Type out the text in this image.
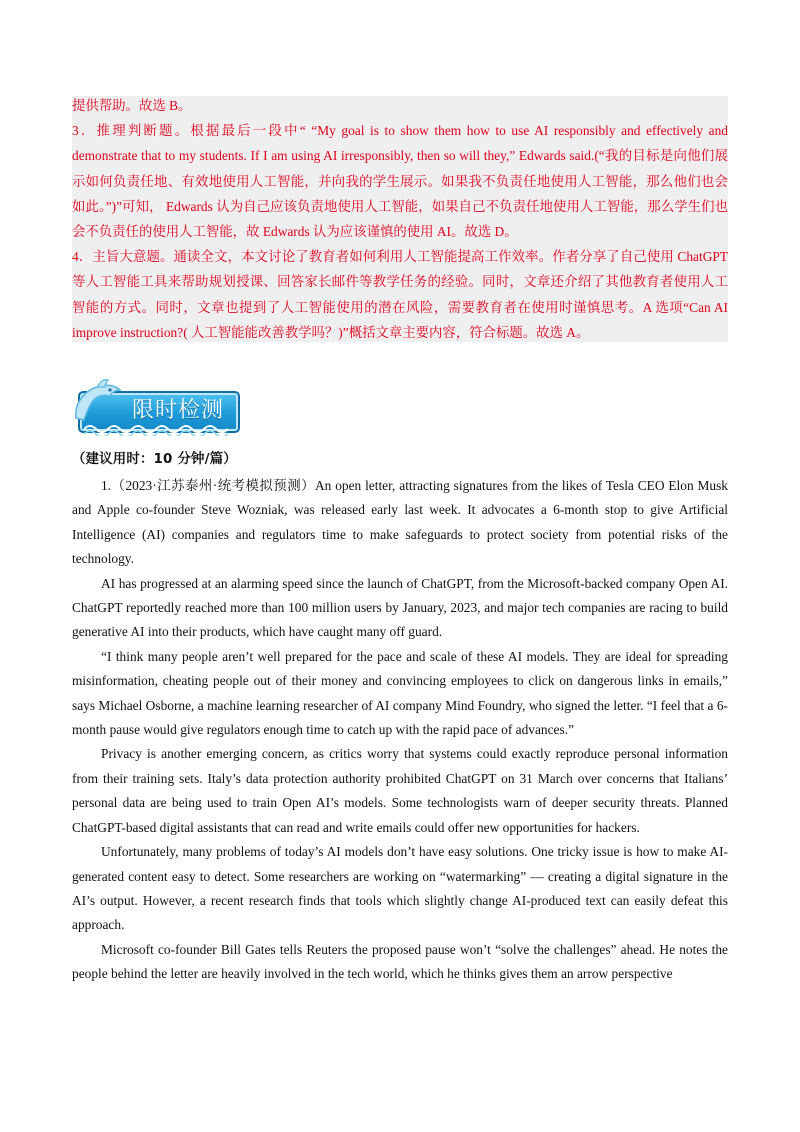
提供帮助。故选 B。

3．推理判断题。根据最后一段中“ “My goal is to show them how to use AI responsibly and effectively and demonstrate that to my students. If I am using AI irresponsibly, then so will they,” Edwards said.(“我的目标是向他们展示如何负责任地、有效地使用人工智能，并向我的学生展示。如果我不负责任地使用人工智能，那么他们也会如此。”)”可知， Edwards 认为自己应该负责地使用人工智能，如果自己不负责任地使用人工智能，那么学生们也会不负责任的使用人工智能，故 Edwards 认为应该谨慎的使用 AI。故选 D。

4．主旨大意题。通读全文，本文讨论了教育者如何利用人工智能提高工作效率。作者分享了自己使用 ChatGPT 等人工智能工具来帮助规划授课、回答家长邮件等教学任务的经验。同时，文章还介绍了其他教育者使用人工智能的方式。同时，文章也提到了人工智能使用的潜在风险，需要教育者在使用时谨慎思考。A 选项“Can AI improve instruction?( 人工智能能改善教学吗？)”概括文章主要内容，符合标题。故选 A。

限时检测

（建议用时：10 分钟/篇）

1.（2023·江苏泰州·统考模拟预测）An open letter, attracting signatures from the likes of Tesla CEO Elon Musk and Apple co-founder Steve Wozniak, was released early last week. It advocates a 6-month stop to give Artificial Intelligence (AI) companies and regulators time to make safeguards to protect society from potential risks of the technology.

AI has progressed at an alarming speed since the launch of ChatGPT, from the Microsoft-backed company Open AI. ChatGPT reportedly reached more than 100 million users by January, 2023, and major tech companies are racing to build generative AI into their products, which have caught many off guard.

“I think many people aren’t well prepared for the pace and scale of these AI models. They are ideal for spreading misinformation, cheating people out of their money and convincing employees to click on dangerous links in emails,” says Michael Osborne, a machine learning researcher of AI company Mind Foundry, who signed the letter. “I feel that a 6-month pause would give regulators enough time to catch up with the rapid pace of advances.”

Privacy is another emerging concern, as critics worry that systems could exactly reproduce personal information from their training sets. Italy’s data protection authority prohibited ChatGPT on 31 March over concerns that Italians’ personal data are being used to train Open AI’s models. Some technologists warn of deeper security threats. Planned ChatGPT-based digital assistants that can read and write emails could offer new opportunities for hackers.

Unfortunately, many problems of today’s AI models don’t have easy solutions. One tricky issue is how to make AI-generated content easy to detect. Some researchers are working on “watermarking” — creating a digital signature in the AI’s output. However, a recent research finds that tools which slightly change AI-produced text can easily defeat this approach.

Microsoft co-founder Bill Gates tells Reuters the proposed pause won’t “solve the challenges” ahead. He notes the people behind the letter are heavily involved in the tech world, which he thinks gives them an arrow perspective
